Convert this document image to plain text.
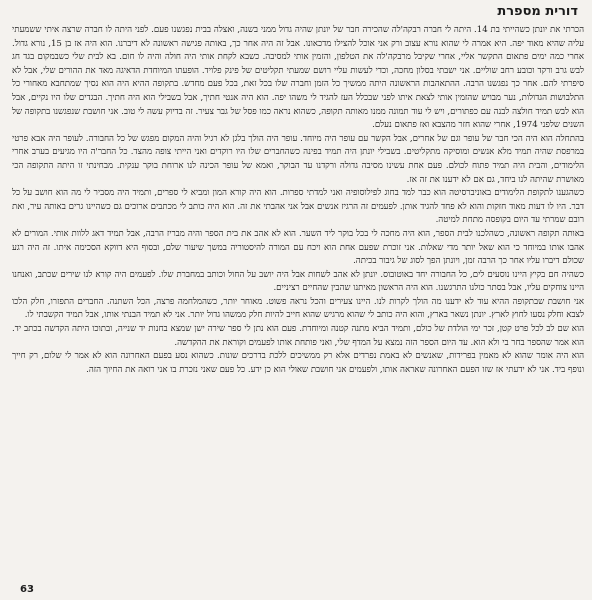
דורית מספרת

הכרתי את יונתן כשהייתי בת 14. היתה לי חברה רבקה'לה שהכירה חבר של יונתן שהיה גדול ממני בשנה, ואצלה בבית נפגשנו פעם. לפני היתה לו חברה שרצה איתי ששמעתי עליה שהיא מאוד יפה. היא אמרה לי שהוא נורא עצוב ורק אני אוכל להצילו מדכאונו. אבל זה היה אחר כך, באותה פגישה ראשונה לא דיברנו. הוא היה אז בן 15, נורא גדול. אחרי כמה ימים פתאום התקשר אליי, אחרי שקיבל מרבקה'לה את הטלפון, והזמין אותי למסיבה. כשבא לקחת אותי היה חולה והיה לו חום. בא לבית שלי כשבמקום בגד חג לבש גרב ורקד וכובע רחב שוליים. אני ישבתי בסלון מחכה, וכדי לעשות עליי רושם שמעתי תקליטים של פינק פלויד. הופעתו המיוחדת הדאיגה מאד את ההורים שלי, אבל לא סיפרתי להם. אחר כך נפגשנו הרבה. ההתאהבות הראשונה היתה ממשיך כל הזמן וחברה שלו בכל זאת, בכל פעם מחדש. בתקופה ההיא היה הוא נסיך שמתחבא מאחורי כל התלבושות הגדולות, נער מבויש שהזמין אותי לצאת איתו לפני שבכלל העז להגיד לי משהו יפה. הוא היה אנטי חתיך, אבל בשבילי הוא היה חתיך. הבגדים שלו היו נקיים, אבל הוא לבש תמיד חולצה לבנה עם כפתורים, ויש לי עוד תמונה ממנו מאותה תקופה, כשהוא נראה כמו פסל של גבר צעיר. זה בדיוק עשה לי טוב. אני חושבת שנפגשנו בתקופה של השנים שלפני 1974, אחרי שהוא חזר מהצבא ואז פתאום נעלם.

בהתחלה הוא היה הכי חבר של עופר וגם של אחרים, אבל הקשר עם עופר היה מיוחד. עופר היה הולך בלגן לא רגיל והיה המקום מפגש של כל החבורה. לעופר היה אבא פרטי במרפסת שהיה תמיד מלא אנשים ומוסיקה מתקליטים. בשבילי יונתן היה תמיד בפינה כשהחברים שלו היו רוקדים ואני הייתי צופה מהצד. כל החבר'ה היו מגיעים בערב אחרי הלימודים, והבית היה תמיד פתוח לכולם. פעם אחת עשינו מסיבה גדולה ורקדנו עד הבוקר, ואמא של עופר הכינה לנו ארוחת בוקר ענקית. מבחינתי זו היתה התקופה הכי מאושרת שהיתה לנו ביחד, גם אם לא ידענו את זה אז.

כשהגענו לתקופת הלימודים באוניברסיטה הוא כבר למד בחוג לפילוסופיה ואני למדתי ספרות. הוא היה קורא המון ומביא לי ספרים, ותמיד היה מסביר לי מה הוא חושב על כל דבר. היו לו דעות מאוד חזקות והוא לא פחד להגיד אותן. לפעמים זה הרגיז אנשים אבל אני אהבתי את זה. הוא היה כותב לי מכתבים ארוכים גם כשהיינו גרים באותה עיר, ואת רובם שמרתי עד היום בקופסה מתחת למיטה.

באותה תקופה ראשונה, כשהלכנו לבית הספר, הוא היה מחכה לי בכל בוקר ליד השער. הוא לא אהב את בית הספר והיה מבריז הרבה, אבל תמיד דאג ללוות אותי. המורים לא אהבו אותו במיוחד כי הוא שאל יותר מדי שאלות. אני זוכרת שפעם אחת הוא ויכח עם המורה להיסטוריה במשך שיעור שלם, ובסוף היא דווקא הסכימה איתו. זה היה רגע שכולם דיברו עליו אחר כך הרבה זמן, ויונתן הפך לסוג של גיבור בכיתה.

כשהיה חם בקיץ היינו נוסעים לים, כל החבורה יחד באוטובוס. יונתן לא אהב לשחות אבל היה יושב על החול וכותב במחברת שלו. לפעמים היה קורא לנו שירים שכתב, ואנחנו היינו צוחקים עליו, אבל בסתר כולנו התרגשנו. הוא היה הראשון מאיתנו שהבין שהחיים רציניים.

אני חושבת שבתקופה ההיא עוד לא ידענו מה הולך לקרות לנו. היינו צעירים והכל נראה פשוט. מאוחר יותר, כשהמלחמה פרצה, הכל השתנה. החברים התפזרו, חלק הלכו לצבא וחלק נסעו לחוץ לארץ. יונתן נשאר בארץ, והוא היה כותב לי שהוא מרגיש שהוא חייב להיות חלק ממשהו גדול יותר. אני לא תמיד הבנתי אותו, אבל תמיד הקשבתי לו.

הוא שם לב לכל פרט קטן, זכר ימי הולדת של כולם, ותמיד הביא מתנה קטנה ומיוחדת. פעם הוא נתן לי ספר שירה ישן שמצא בחנות יד שנייה, ובתוכו היתה הקדשה בכתב יד. הוא אמר שהספר בחר בי ולא הוא. עד היום הספר הזה נמצא על המדף שלי, ואני פותחת אותו לפעמים וקוראת את ההקדשה.

הוא היה אומר שהוא לא מאמין בפרידות, שאנשים לא באמת נפרדים אלא רק ממשיכים ללכת בדרכים שונות. כשהוא נסע בפעם האחרונה הוא לא אמר לי שלום, רק חייך ונופף ביד. אני לא ידעתי אז שזו הפעם האחרונה שאראה אותו, ולפעמים אני חושבת שאולי הוא כן ידע. כל פעם שאני נזכרת בו אני רואה את החיוך הזה.

63
